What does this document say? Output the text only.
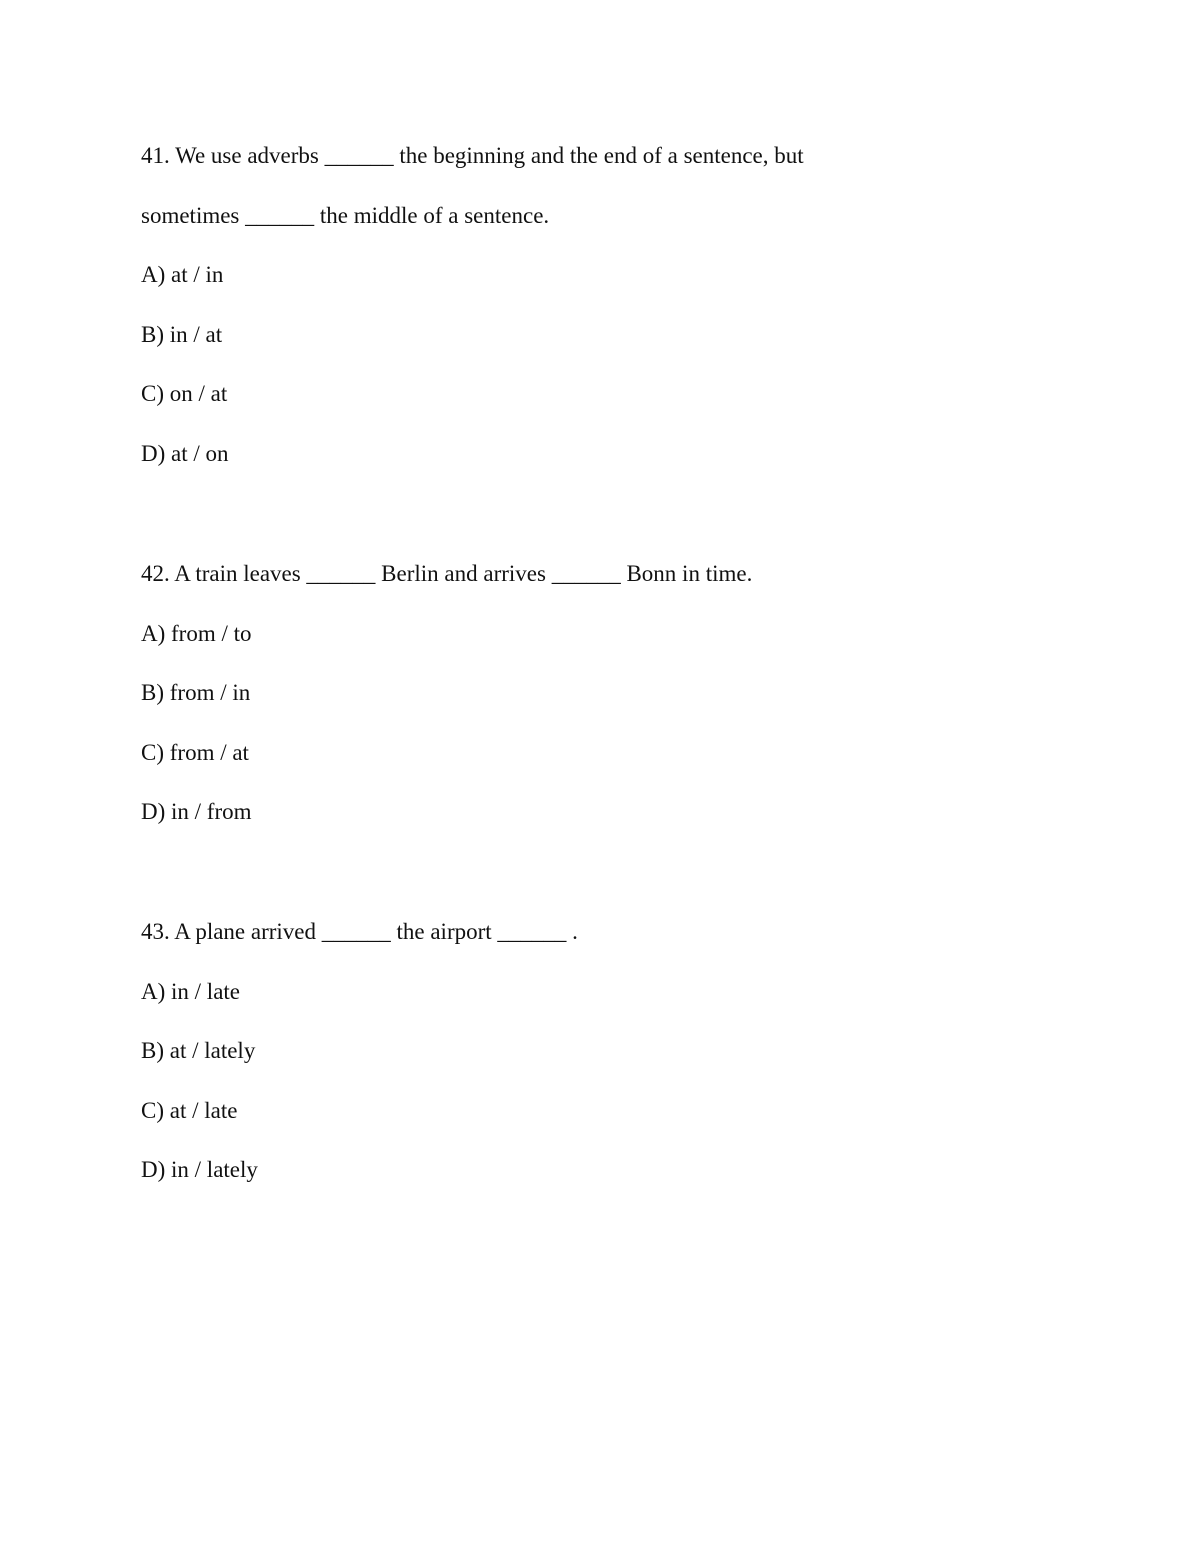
41. We use adverbs ______ the beginning and the end of a sentence, but
sometimes ______ the middle of a sentence.
A) at / in
B) in / at
C) on / at
D) at / on
42. A train leaves ______ Berlin and arrives ______ Bonn in time.
A) from / to
B) from / in
C) from / at
D) in / from
43. A plane arrived ______ the airport ______ .
A) in / late
B) at / lately
C) at / late
D) in / lately
